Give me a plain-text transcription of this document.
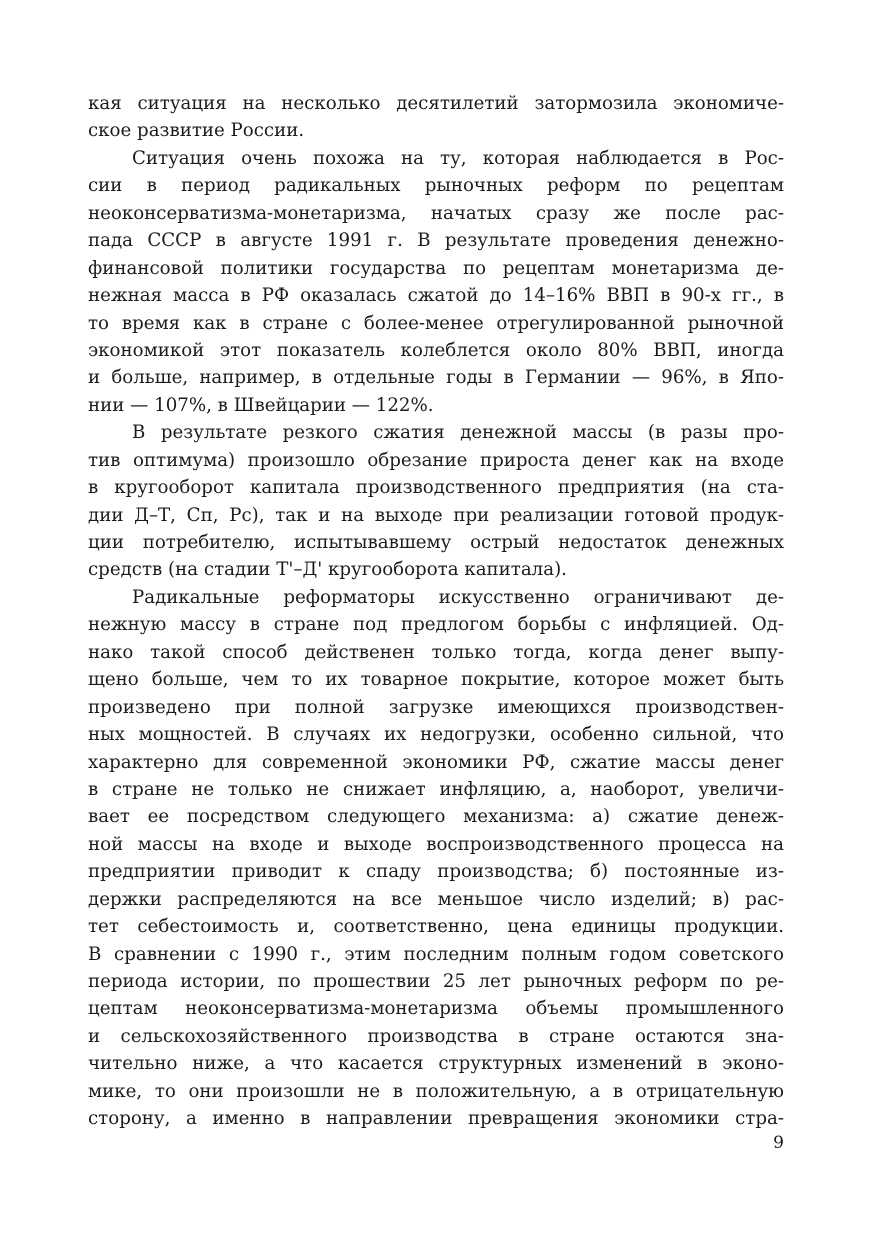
кая ситуация на несколько десятилетий затормозила экономиче-
ское развитие России.
Ситуация очень похожа на ту, которая наблюдается в Рос-
сии в период радикальных рыночных реформ по рецептам
неоконсерватизма-монетаризма, начатых сразу же после рас-
пада СССР в августе 1991 г. В результате проведения денежно-
финансовой политики государства по рецептам монетаризма де-
нежная масса в РФ оказалась сжатой до 14–16% ВВП в 90-х гг., в
то время как в стране с более-менее отрегулированной рыночной
экономикой этот показатель колеблется около 80% ВВП, иногда
и больше, например, в отдельные годы в Германии — 96%, в Япо-
нии — 107%, в Швейцарии — 122%.
В результате резкого сжатия денежной массы (в разы про-
тив оптимума) произошло обрезание прироста денег как на входе
в кругооборот капитала производственного предприятия (на ста-
дии Д–Т, Сп, Рс), так и на выходе при реализации готовой продук-
ции потребителю, испытывавшему острый недостаток денежных
средств (на стадии Т'–Д' кругооборота капитала).
Радикальные реформаторы искусственно ограничивают де-
нежную массу в стране под предлогом борьбы с инфляцией. Од-
нако такой способ действенен только тогда, когда денег выпу-
щено больше, чем то их товарное покрытие, которое может быть
произведено при полной загрузке имеющихся производствен-
ных мощностей. В случаях их недогрузки, особенно сильной, что
характерно для современной экономики РФ, сжатие массы денег
в стране не только не снижает инфляцию, а, наоборот, увеличи-
вает ее посредством следующего механизма: а) сжатие денеж-
ной массы на входе и выходе воспроизводственного процесса на
предприятии приводит к спаду производства; б) постоянные из-
держки распределяются на все меньшое число изделий; в) рас-
тет себестоимость и, соответственно, цена единицы продукции.
В сравнении с 1990 г., этим последним полным годом советского
периода истории, по прошествии 25 лет рыночных реформ по ре-
цептам неоконсерватизма-монетаризма объемы промышленного
и сельскохозяйственного производства в стране остаются зна-
чительно ниже, а что касается структурных изменений в эконо-
мике, то они произошли не в положительную, а в отрицательную
сторону, а именно в направлении превращения экономики стра-
9
